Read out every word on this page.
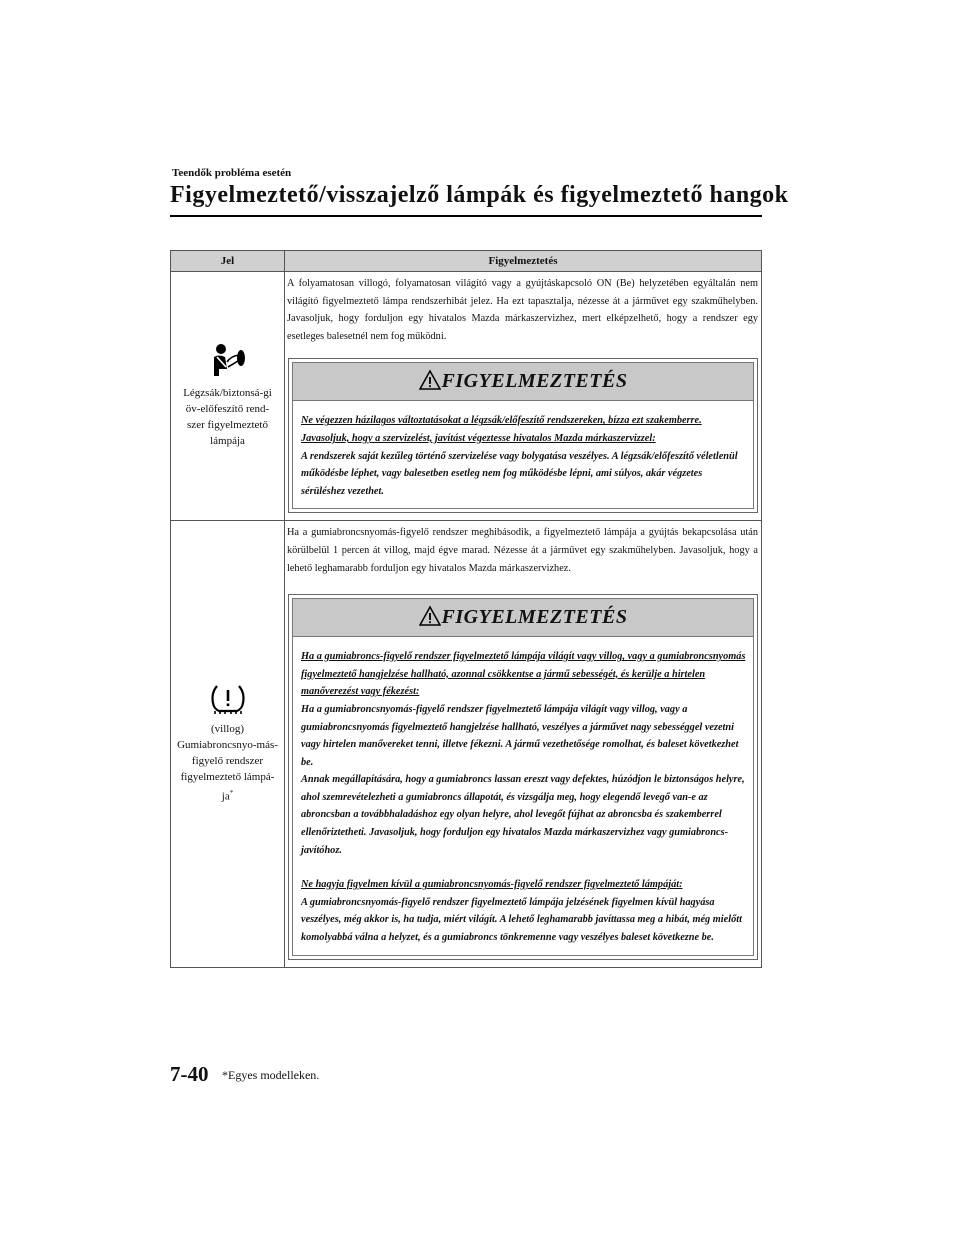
Teendők probléma esetén
Figyelmeztető/visszajelző lámpák és figyelmeztető hangok
Jel	Figyelmeztetés
Légzsák/biztonsá-gi öv-előfeszítő rend-szer figyelmeztető lámpája
A folyamatosan villogó, folyamatosan világító vagy a gyújtáskapcsoló ON (Be) helyzetében egyáltalán nem világító figyelmeztető lámpa rendszerhibát jelez. Ha ezt tapasztalja, nézesse át a járművet egy szakműhelyben. Javasoljuk, hogy forduljon egy hivatalos Mazda márkaszervizhez, mert elképzelhető, hogy a rendszer egy esetleges balesetnél nem fog működni.
FIGYELMEZTETÉS
Ne végezzen házilagos változtatásokat a légzsák/előfeszítő rendszereken, bízza ezt szakemberre. Javasoljuk, hogy a szervizelést, javítást végeztesse hivatalos Mazda márkaszervizzel:
A rendszerek saját kezűleg történő szervizelése vagy bolygatása veszélyes. A légzsák/előfeszítő véletlenül működésbe léphet, vagy balesetben esetleg nem fog működésbe lépni, ami súlyos, akár végzetes sérüléshez vezethet.
(villog)
Gumiabroncsnyo-más-figyelő rendszer figyelmeztető lámpá-ja*
Ha a gumiabroncsnyomás-figyelő rendszer meghibásodik, a figyelmeztető lámpája a gyújtás bekapcsolása után körülbelül 1 percen át villog, majd égve marad. Nézesse át a járművet egy szakműhelyben. Javasoljuk, hogy a lehető leghamarabb forduljon egy hivatalos Mazda márkaszervizhez.
FIGYELMEZTETÉS
Ha a gumiabroncs-figyelő rendszer figyelmeztető lámpája világít vagy villog, vagy a gumiabroncsnyomás figyelmeztető hangjelzése hallható, azonnal csökkentse a jármű sebességét, és kerülje a hirtelen manőverezést vagy fékezést:
Ha a gumiabroncsnyomás-figyelő rendszer figyelmeztető lámpája világít vagy villog, vagy a gumiabroncsnyomás figyelmeztető hangjelzése hallható, veszélyes a járművet nagy sebességgel vezetni vagy hirtelen manővereket tenni, illetve fékezni. A jármű vezethetősége romolhat, és baleset következhet be.
Annak megállapítására, hogy a gumiabroncs lassan ereszt vagy defektes, húzódjon le biztonságos helyre, ahol szemrevételezheti a gumiabroncs állapotát, és vizsgálja meg, hogy elegendő levegő van-e az abroncsban a továbbhaladáshoz egy olyan helyre, ahol levegőt fújhat az abroncsba és szakemberrel ellenőriztetheti. Javasoljuk, hogy forduljon egy hivatalos Mazda márkaszervizhez vagy gumiabroncs-javítóhoz.
Ne hagyja figyelmen kívül a gumiabroncsnyomás-figyelő rendszer figyelmeztető lámpáját:
A gumiabroncsnyomás-figyelő rendszer figyelmeztető lámpája jelzésének figyelmen kívül hagyása veszélyes, még akkor is, ha tudja, miért világít. A lehető leghamarabb javíttassa meg a hibát, még mielőtt komolyabbá válna a helyzet, és a gumiabroncs tönkremenne vagy veszélyes baleset következne be.
7-40 *Egyes modelleken.
